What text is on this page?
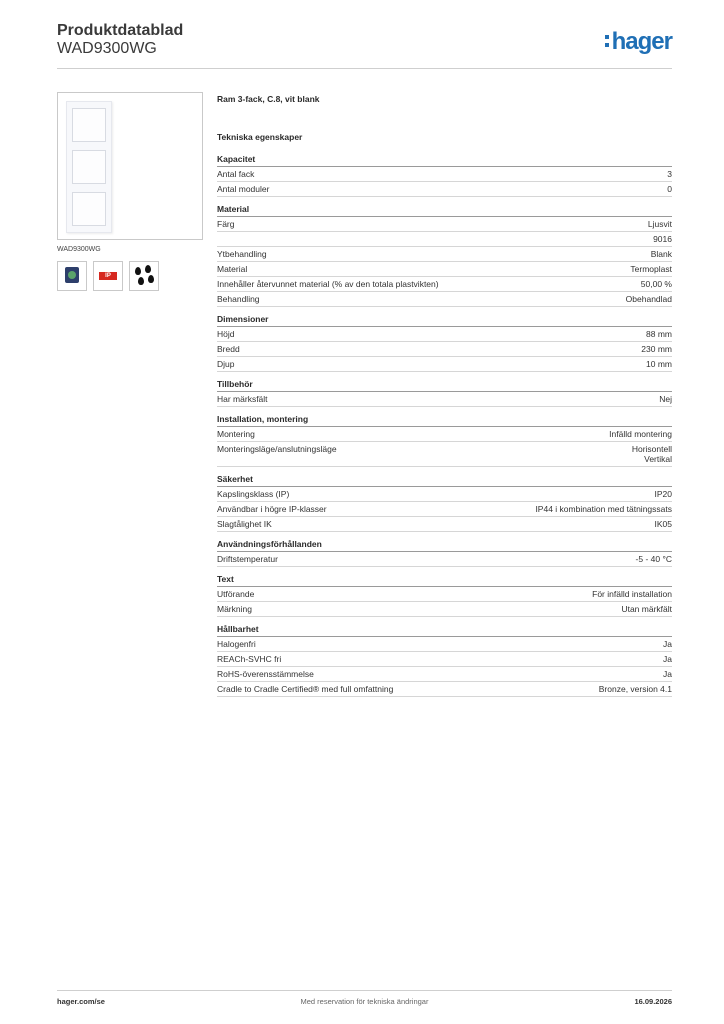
Produktdatablad
WAD9300WG	hager
WAD9300WG
IP
Ram 3-fack, C.8, vit blank
Tekniska egenskaper
Kapacitet
Antal fack	3
Antal moduler	0
Material
Färg	Ljusvit
9016
Ytbehandling	Blank
Material	Termoplast
Innehåller återvunnet material (% av den totala plastvikten)	50,00 %
Behandling	Obehandlad
Dimensioner
Höjd	88 mm
Bredd	230 mm
Djup	10 mm
Tillbehör
Har märksfält	Nej
Installation, montering
Montering	Infälld montering
Monteringsläge/anslutningsläge	Horisontell
Vertikal
Säkerhet
Kapslingsklass (IP)	IP20
Användbar i högre IP-klasser	IP44 i kombination med tätningssats
Slagtålighet IK	IK05
Användningsförhållanden
Driftstemperatur	-5 - 40 °C
Text
Utförande	För infälld installation
Märkning	Utan märkfält
Hållbarhet
Halogenfri	Ja
REACh-SVHC fri	Ja
RoHS-överensstämmelse	Ja
Cradle to Cradle Certified® med full omfattning	Bronze, version 4.1
hager.com/se	Med reservation för tekniska ändringar	16.09.2026
